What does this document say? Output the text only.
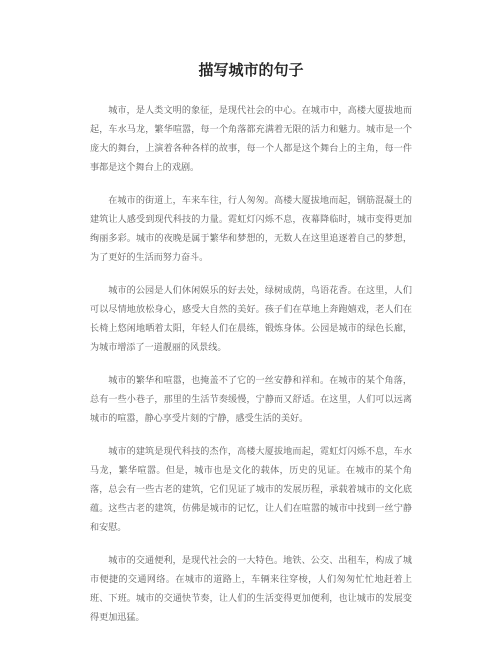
描写城市的句子

城市，是人类文明的象征，是现代社会的中心。在城市中，高楼大厦拔地而起，车水马龙，繁华喧嚣，每一个角落都充满着无限的活力和魅力。城市是一个庞大的舞台，上演着各种各样的故事，每一个人都是这个舞台上的主角，每一件事都是这个舞台上的戏剧。

在城市的街道上，车来车往，行人匆匆。高楼大厦拔地而起，钢筋混凝土的建筑让人感受到现代科技的力量。霓虹灯闪烁不息，夜幕降临时，城市变得更加绚丽多彩。城市的夜晚是属于繁华和梦想的，无数人在这里追逐着自己的梦想，为了更好的生活而努力奋斗。

城市的公园是人们休闲娱乐的好去处，绿树成荫，鸟语花香。在这里，人们可以尽情地放松身心，感受大自然的美好。孩子们在草地上奔跑嬉戏，老人们在长椅上悠闲地晒着太阳，年轻人们在晨练，锻炼身体。公园是城市的绿色长廊，为城市增添了一道靓丽的风景线。

城市的繁华和喧嚣，也掩盖不了它的一丝安静和祥和。在城市的某个角落，总有一些小巷子，那里的生活节奏缓慢，宁静而又舒适。在这里，人们可以远离城市的喧嚣，静心享受片刻的宁静，感受生活的美好。

城市的建筑是现代科技的杰作，高楼大厦拔地而起，霓虹灯闪烁不息，车水马龙，繁华喧嚣。但是，城市也是文化的载体，历史的见证。在城市的某个角落，总会有一些古老的建筑，它们见证了城市的发展历程，承载着城市的文化底蕴。这些古老的建筑，仿佛是城市的记忆，让人们在喧嚣的城市中找到一丝宁静和安慰。

城市的交通便利，是现代社会的一大特色。地铁、公交、出租车，构成了城市便捷的交通网络。在城市的道路上，车辆来往穿梭，人们匆匆忙忙地赶着上班、下班。城市的交通快节奏，让人们的生活变得更加便利，也让城市的发展变得更加迅猛。
